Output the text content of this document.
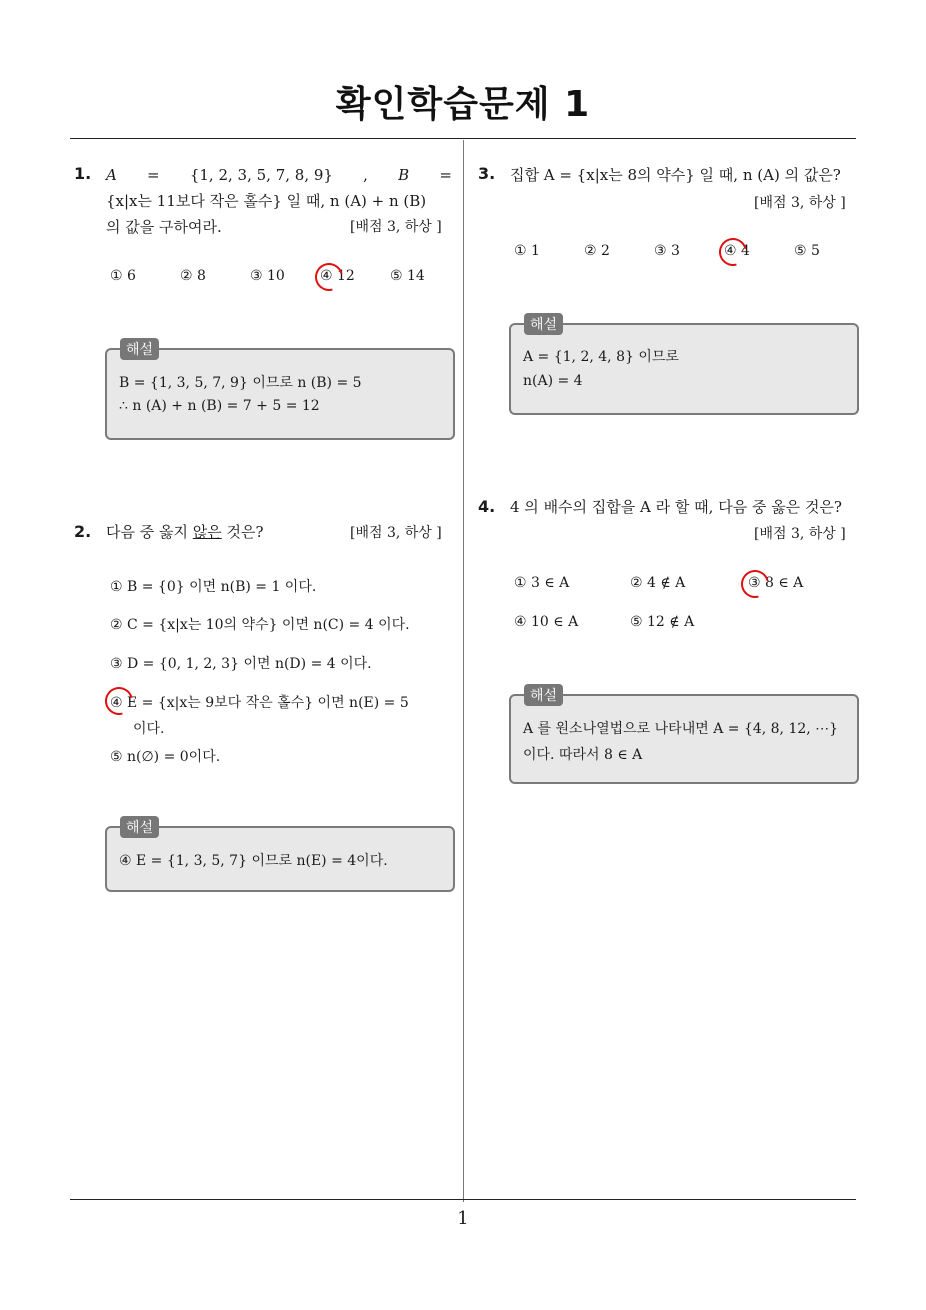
확인학습문제 1
1. A = {1, 2, 3, 5, 7, 8, 9} , B =
{x|x는 11보다 작은 홀수} 일 때, n (A) + n (B)
의 값을 구하여라.	[배점 3, 하상 ]
① 6	② 8	③ 10	④ 12	⑤ 14
해설
B = {1, 3, 5, 7, 9} 이므로 n (B) = 5
∴ n (A) + n (B) = 7 + 5 = 12
2. 다음 중 옳지 않은 것은?	[배점 3, 하상 ]
① B = {0} 이면 n(B) = 1 이다.
② C = {x|x는 10의 약수} 이면 n(C) = 4 이다.
③ D = {0, 1, 2, 3} 이면 n(D) = 4 이다.
④ E = {x|x는 9보다 작은 홀수} 이면 n(E) = 5
이다.
⑤ n(∅) = 0이다.
해설
④ E = {1, 3, 5, 7} 이므로 n(E) = 4이다.
3. 집합 A = {x|x는 8의 약수} 일 때, n (A) 의 값은?
[배점 3, 하상 ]
① 1	② 2	③ 3	④ 4	⑤ 5
해설
A = {1, 2, 4, 8} 이므로
n(A) = 4
4. 4 의 배수의 집합을 A 라 할 때, 다음 중 옳은 것은?
[배점 3, 하상 ]
① 3 ∈ A	② 4 ∉ A	③ 8 ∈ A
④ 10 ∈ A	⑤ 12 ∉ A
해설
A 를 원소나열법으로 나타내면 A = {4, 8, 12, ⋯}
이다. 따라서 8 ∈ A
1
